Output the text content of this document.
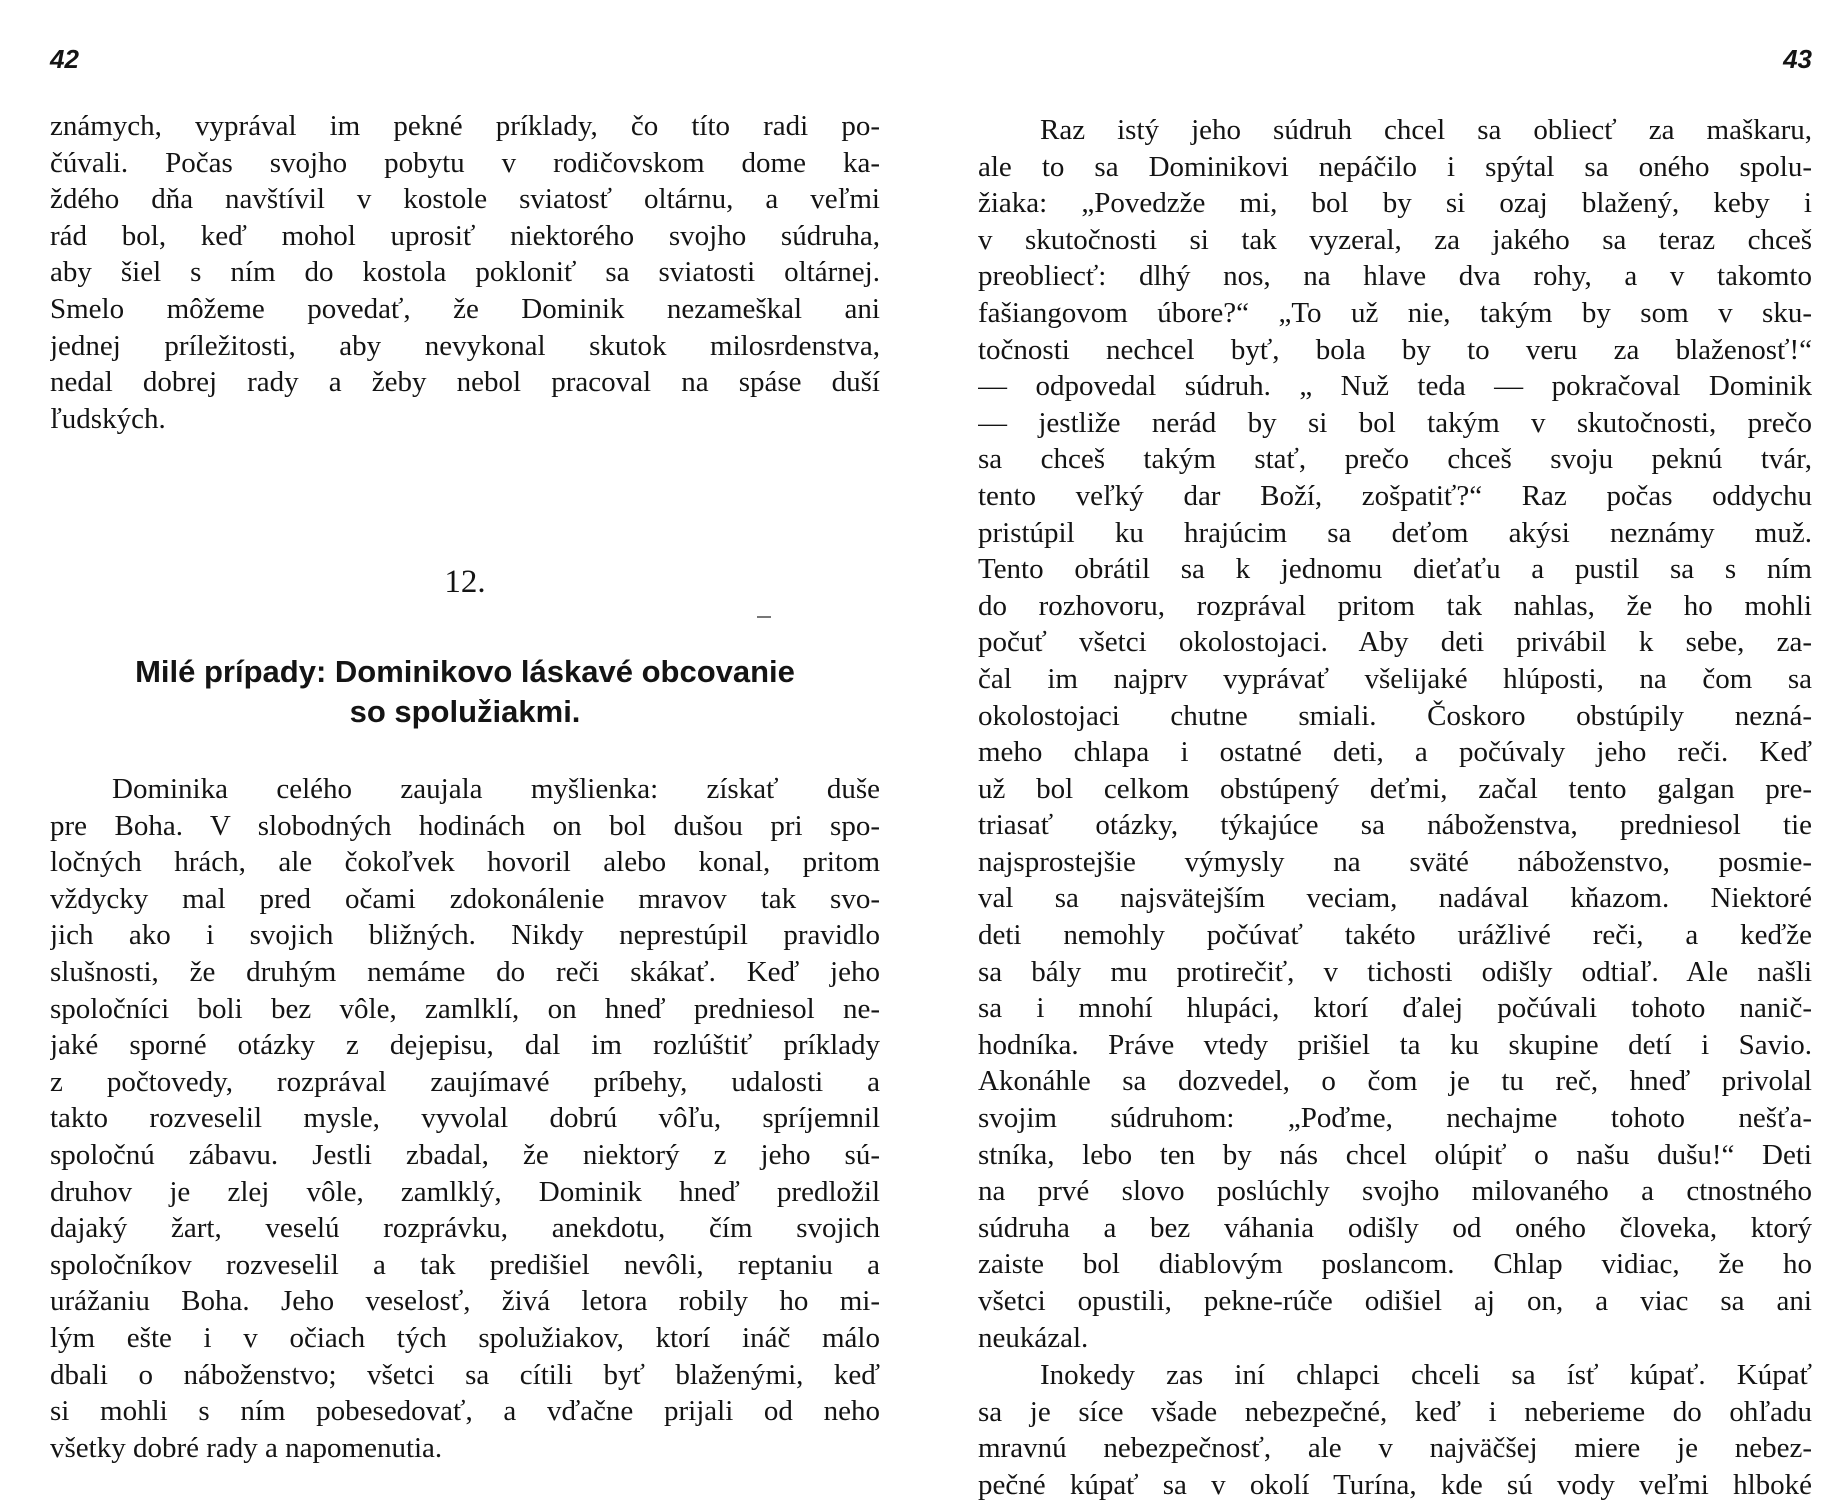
42
známych, vyprával im pekné príklady, čo títo radi po-
čúvali. Počas svojho pobytu v rodičovskom dome ka-
ždého dňa navštívil v kostole sviatosť oltárnu, a veľmi
rád bol, keď mohol uprosiť niektorého svojho súdruha,
aby šiel s ním do kostola pokloniť sa sviatosti oltárnej.
Smelo môžeme povedať, že Dominik nezameškal ani
jednej príležitosti, aby nevykonal skutok milosrdenstva,
nedal dobrej rady a žeby nebol pracoval na spáse duší
ľudských.
12.
Milé prípady: Dominikovo láskavé obcovanie
so spolužiakmi.
Dominika celého zaujala myšlienka: získať duše
pre Boha. V slobodných hodinách on bol dušou pri spo-
ločných hrách, ale čokoľvek hovoril alebo konal, pritom
vždycky mal pred očami zdokonálenie mravov tak svo-
jich ako i svojich bližných. Nikdy neprestúpil pravidlo
slušnosti, že druhým nemáme do reči skákať. Keď jeho
spoločníci boli bez vôle, zamlklí, on hneď predniesol ne-
jaké sporné otázky z dejepisu, dal im rozlúštiť príklady
z počtovedy, rozprával zaujímavé príbehy, udalosti a
takto rozveselil mysle, vyvolal dobrú vôľu, spríjemnil
spoločnú zábavu. Jestli zbadal, že niektorý z jeho sú-
druhov je zlej vôle, zamlklý, Dominik hneď predložil
dajaký žart, veselú rozprávku, anekdotu, čím svojich
spoločníkov rozveselil a tak predišiel nevôli, reptaniu a
urážaniu Boha. Jeho veselosť, živá letora robily ho mi-
lým ešte i v očiach tých spolužiakov, ktorí ináč málo
dbali o náboženstvo; všetci sa cítili byť blaženými, keď
si mohli s ním pobesedovať, a vďačne prijali od neho
všetky dobré rady a napomenutia.
43
Raz istý jeho súdruh chcel sa obliecť za maškaru,
ale to sa Dominikovi nepáčilo i spýtal sa oného spolu-
žiaka: „Povedzže mi, bol by si ozaj blažený, keby i
v skutočnosti si tak vyzeral, za jakého sa teraz chceš
preobliecť: dlhý nos, na hlave dva rohy, a v takomto
fašiangovom úbore?“ „To už nie, takým by som v sku-
točnosti nechcel byť, bola by to veru za blaženosť!“
— odpovedal súdruh. „ Nuž teda — pokračoval Dominik
— jestliže nerád by si bol takým v skutočnosti, prečo
sa chceš takým stať, prečo chceš svoju peknú tvár,
tento veľký dar Boží, zošpatiť?“ Raz počas oddychu
pristúpil ku hrajúcim sa deťom akýsi neznámy muž.
Tento obrátil sa k jednomu dieťaťu a pustil sa s ním
do rozhovoru, rozprával pritom tak nahlas, že ho mohli
počuť všetci okolostojaci. Aby deti privábil k sebe, za-
čal im najprv vyprávať všelijaké hlúposti, na čom sa
okolostojaci chutne smiali. Čoskoro obstúpily nezná-
meho chlapa i ostatné deti, a počúvaly jeho reči. Keď
už bol celkom obstúpený deťmi, začal tento galgan pre-
triasať otázky, týkajúce sa náboženstva, predniesol tie
najsprostejšie výmysly na sväté náboženstvo, posmie-
val sa najsvätejším veciam, nadával kňazom. Niektoré
deti nemohly počúvať takéto urážlivé reči, a keďže
sa bály mu protirečiť, v tichosti odišly odtiaľ. Ale našli
sa i mnohí hlupáci, ktorí ďalej počúvali tohoto nanič-
hodníka. Práve vtedy prišiel ta ku skupine detí i Savio.
Akonáhle sa dozvedel, o čom je tu reč, hneď privolal
svojim súdruhom: „Poďme, nechajme tohoto nešťa-
stníka, lebo ten by nás chcel olúpiť o našu dušu!“ Deti
na prvé slovo poslúchly svojho milovaného a ctnostného
súdruha a bez váhania odišly od oného človeka, ktorý
zaiste bol diablovým poslancom. Chlap vidiac, že ho
všetci opustili, pekne-rúče odišiel aj on, a viac sa ani
neukázal.
Inokedy zas iní chlapci chceli sa ísť kúpať. Kúpať
sa je síce všade nebezpečné, keď i neberieme do ohľadu
mravnú nebezpečnosť, ale v najväčšej miere je nebez-
pečné kúpať sa v okolí Turína, kde sú vody veľmi hlboké
